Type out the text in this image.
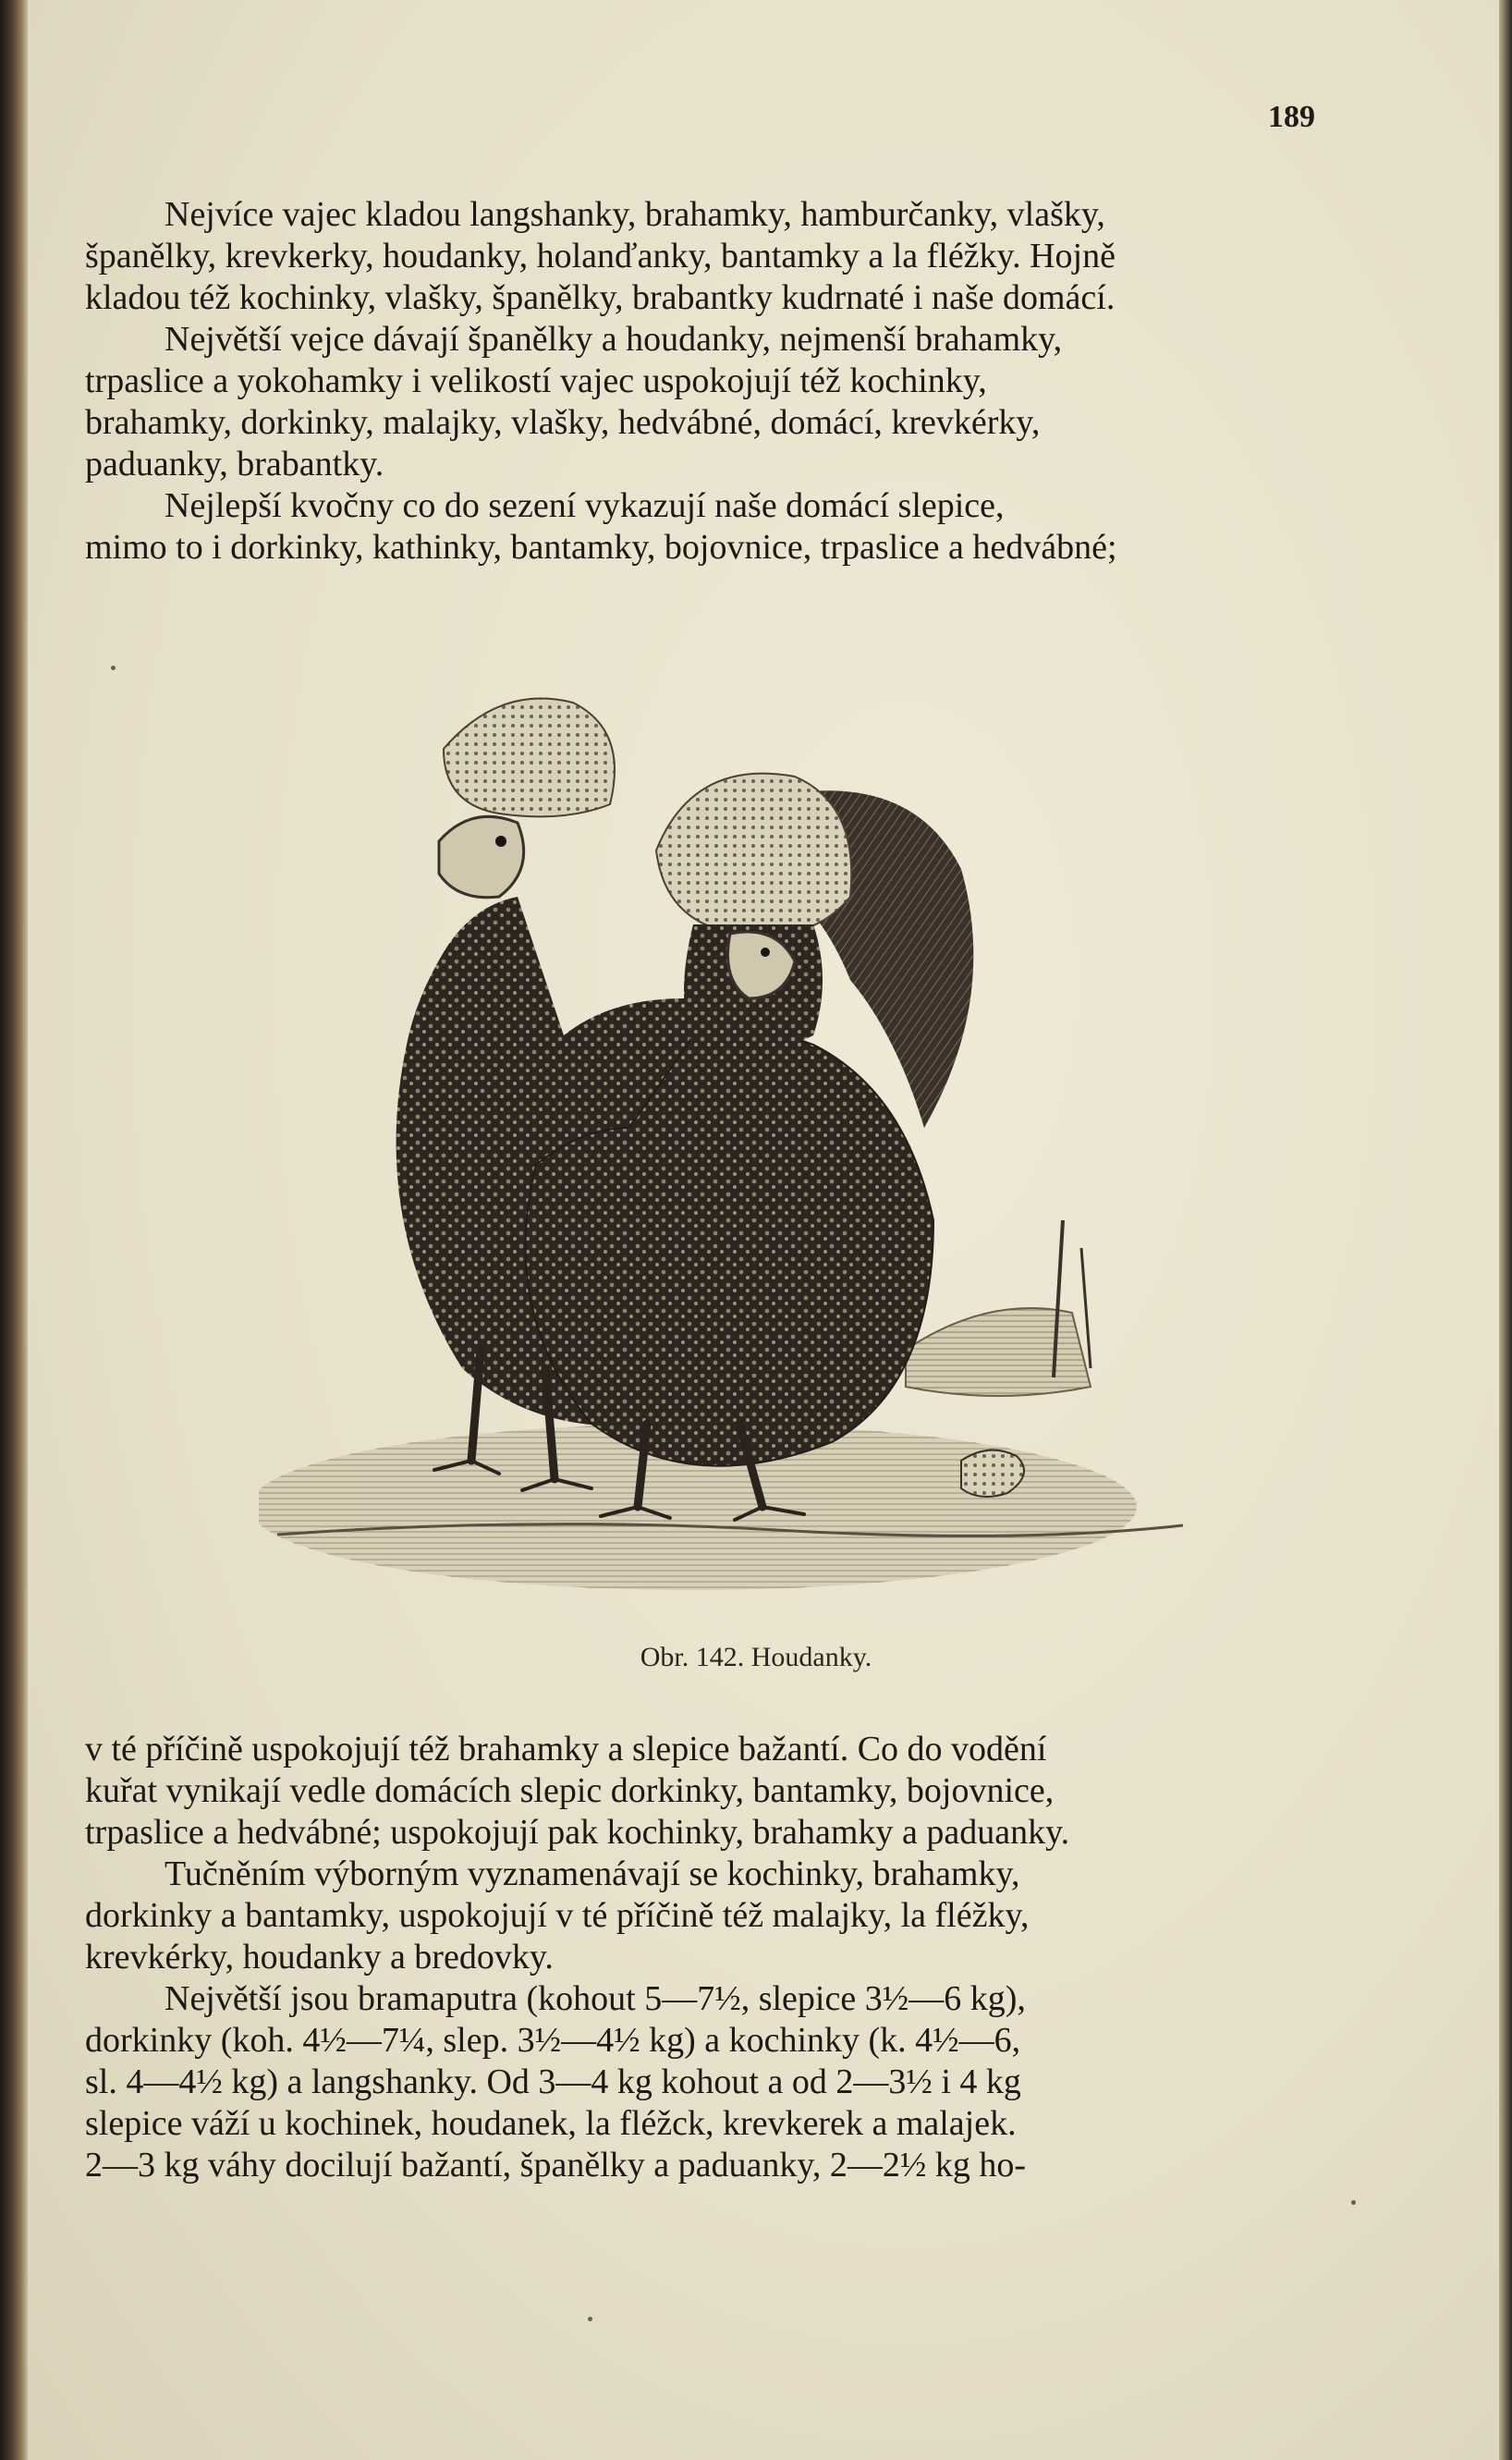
189
Nejvíce vajec kladou langshanky, brahamky, hamburčanky, vlašky,
španělky, krevkerky, houdanky, holanďanky, bantamky a la fléžky. Hojně
kladou též kochinky, vlašky, španělky, brabantky kudrnaté i naše domácí.
Největší vejce dávají španělky a houdanky, nejmenší brahamky,
trpaslice a yokohamky i velikostí vajec uspokojují též kochinky,
brahamky, dorkinky, malajky, vlašky, hedvábné, domácí, krevkérky,
paduanky, brabantky.
Nejlepší kvočny co do sezení vykazují naše domácí slepice,
mimo to i dorkinky, kathinky, bantamky, bojovnice, trpaslice a hedvábné;
Obr. 142. Houdanky.
v té příčině uspokojují též brahamky a slepice bažantí. Co do vodění
kuřat vynikají vedle domácích slepic dorkinky, bantamky, bojovnice,
trpaslice a hedvábné; uspokojují pak kochinky, brahamky a paduanky.
Tučněním výborným vyznamenávají se kochinky, brahamky,
dorkinky a bantamky, uspokojují v té příčině též malajky, la fléžky,
krevkérky, houdanky a bredovky.
Největší jsou bramaputra (kohout 5—7½, slepice 3½—6 kg),
dorkinky (koh. 4½—7¼, slep. 3½—4½ kg) a kochinky (k. 4½—6,
sl. 4—4½ kg) a langshanky. Od 3—4 kg kohout a od 2—3½ i 4 kg
slepice váží u kochinek, houdanek, la fléžck, krevkerek a malajek.
2—3 kg váhy docilují bažantí, španělky a paduanky, 2—2½ kg ho-
